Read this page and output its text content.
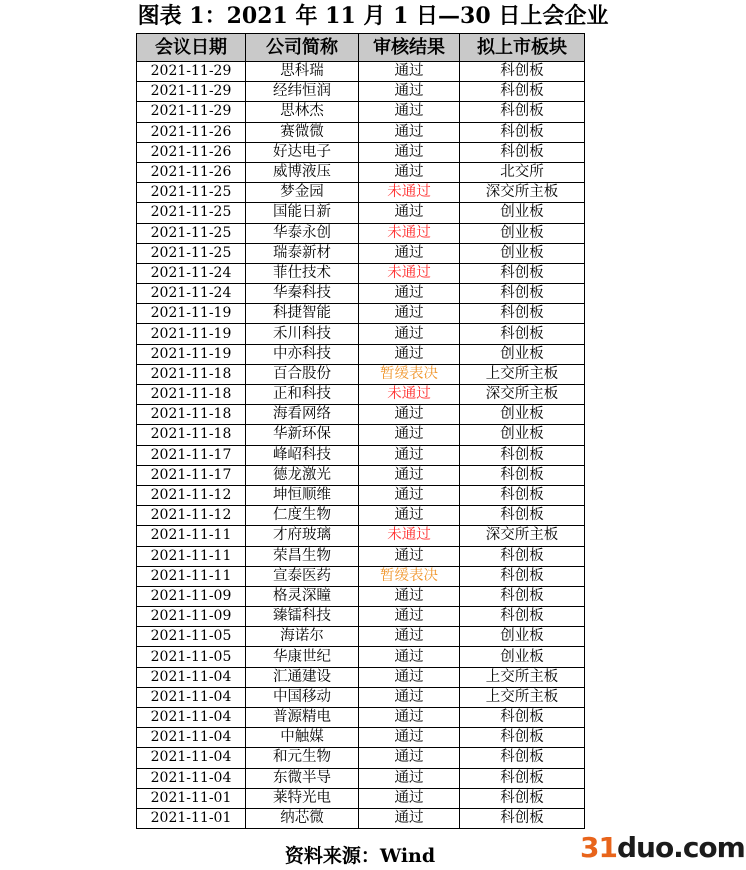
图表 1：2021 年 11 月 1 日—30 日上会企业
会议日期	公司简称	审核结果	拟上市板块
2021-11-29	思科瑞	通过	科创板
2021-11-29	经纬恒润	通过	科创板
2021-11-29	思林杰	通过	科创板
2021-11-26	赛微微	通过	科创板
2021-11-26	好达电子	通过	科创板
2021-11-26	威博液压	通过	北交所
2021-11-25	梦金园	未通过	深交所主板
2021-11-25	国能日新	通过	创业板
2021-11-25	华泰永创	未通过	创业板
2021-11-25	瑞泰新材	通过	创业板
2021-11-24	菲仕技术	未通过	科创板
2021-11-24	华秦科技	通过	科创板
2021-11-19	科捷智能	通过	科创板
2021-11-19	禾川科技	通过	科创板
2021-11-19	中亦科技	通过	创业板
2021-11-18	百合股份	暂缓表决	上交所主板
2021-11-18	正和科技	未通过	深交所主板
2021-11-18	海看网络	通过	创业板
2021-11-18	华新环保	通过	创业板
2021-11-17	峰岹科技	通过	科创板
2021-11-17	德龙激光	通过	科创板
2021-11-12	坤恒顺维	通过	科创板
2021-11-12	仁度生物	通过	科创板
2021-11-11	才府玻璃	未通过	深交所主板
2021-11-11	荣昌生物	通过	科创板
2021-11-11	宣泰医药	暂缓表决	科创板
2021-11-09	格灵深瞳	通过	科创板
2021-11-09	臻镭科技	通过	科创板
2021-11-05	海诺尔	通过	创业板
2021-11-05	华康世纪	通过	创业板
2021-11-04	汇通建设	通过	上交所主板
2021-11-04	中国移动	通过	上交所主板
2021-11-04	普源精电	通过	科创板
2021-11-04	中触媒	通过	科创板
2021-11-04	和元生物	通过	科创板
2021-11-04	东微半导	通过	科创板
2021-11-01	莱特光电	通过	科创板
2021-11-01	纳芯微	通过	科创板
资料来源：Wind	31duo.com
